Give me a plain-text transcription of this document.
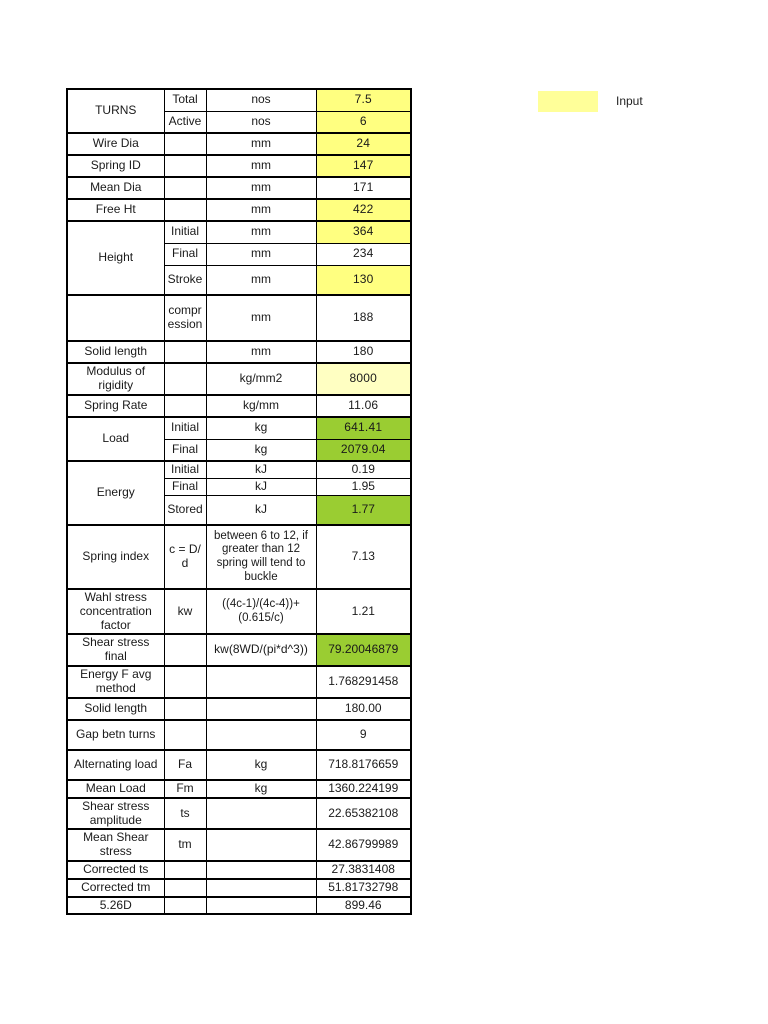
TURNS	Total	nos	7.5
	Active	nos	6
Wire Dia		mm	24
Spring ID		mm	147
Mean Dia		mm	171
Free Ht		mm	422
Height	Initial	mm	364
	Final	mm	234
	Stroke	mm	130
	compression	mm	188
Solid length		mm	180
Modulus of rigidity		kg/mm2	8000
Spring Rate		kg/mm	11.06
Load	Initial	kg	641.41
	Final	kg	2079.04
Energy	Initial	kJ	0.19
	Final	kJ	1.95
	Stored	kJ	1.77
Spring index	c = D/d	between 6 to 12, if greater than 12 spring will tend to buckle	7.13
Wahl stress concentration factor	kw	((4c-1)/(4c-4))+(0.615/c)	1.21
Shear stress final		kw(8WD/(pi*d^3))	79.20046879
Energy F avg method			1.768291458
Solid length			180.00
Gap betn turns			9
Alternating load	Fa	kg	718.8176659
Mean Load	Fm	kg	1360.224199
Shear stress amplitude	ts		22.65382108
Mean Shear stress	tm		42.86799989
Corrected ts			27.3831408
Corrected tm			51.81732798
5.26D			899.46
Input
